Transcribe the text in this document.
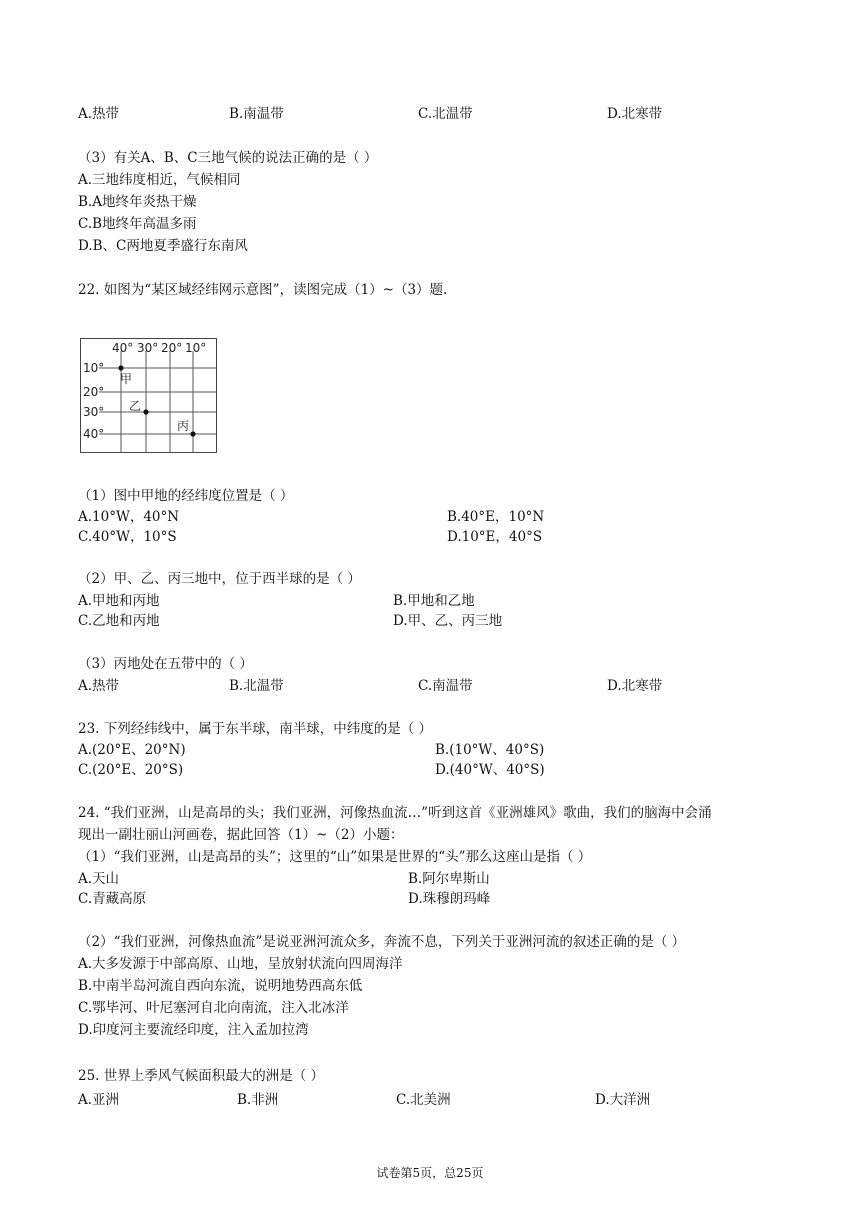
A.热带	B.南温带	C.北温带	D.北寒带
（3）有关A、B、C三地气候的说法正确的是（ ）
A.三地纬度相近，气候相同
B.A地终年炎热干燥
C.B地终年高温多雨
D.B、C两地夏季盛行东南风
22. 如图为“某区域经纬网示意图”，读图完成（1）~（3）题.
40° 30° 20° 10°
10°
20°
30°
40°
甲
乙
丙
（1）图中甲地的经纬度位置是（ ）
A.10°W，40°N	B.40°E，10°N
C.40°W，10°S	D.10°E，40°S
（2）甲、乙、丙三地中，位于西半球的是（ ）
A.甲地和丙地	B.甲地和乙地
C.乙地和丙地	D.甲、乙、丙三地
（3）丙地处在五带中的（ ）
A.热带	B.北温带	C.南温带	D.北寒带
23. 下列经纬线中，属于东半球，南半球，中纬度的是（ ）
A.(20°E、20°N)	B.(10°W、40°S)
C.(20°E、20°S)	D.(40°W、40°S)
24. “我们亚洲，山是高昂的头；我们亚洲，河像热血流…”听到这首《亚洲雄风》歌曲，我们的脑海中会涌
现出一副壮丽山河画卷，据此回答（1）~（2）小题：
（1）“我们亚洲，山是高昂的头”；这里的“山”如果是世界的“头”那么这座山是指（ ）
A.天山	B.阿尔卑斯山
C.青藏高原	D.珠穆朗玛峰
（2）“我们亚洲，河像热血流”是说亚洲河流众多，奔流不息，下列关于亚洲河流的叙述正确的是（ ）
A.大多发源于中部高原、山地，呈放射状流向四周海洋
B.中南半岛河流自西向东流，说明地势西高东低
C.鄂毕河、叶尼塞河自北向南流，注入北冰洋
D.印度河主要流经印度，注入孟加拉湾
25. 世界上季风气候面积最大的洲是（ ）
A.亚洲	B.非洲	C.北美洲	D.大洋洲
试卷第5页，总25页
